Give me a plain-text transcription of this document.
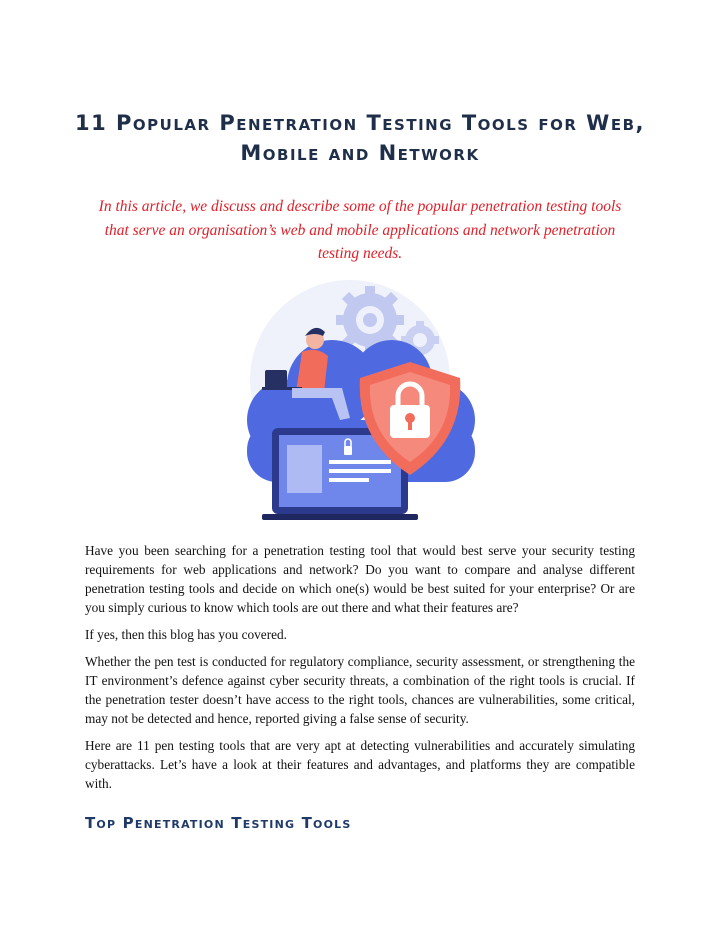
11 Popular Penetration Testing Tools for Web, Mobile and Network

In this article, we discuss and describe some of the popular penetration testing tools that serve an organisation’s web and mobile applications and network penetration testing needs.

Have you been searching for a penetration testing tool that would best serve your security testing requirements for web applications and network? Do you want to compare and analyse different penetration testing tools and decide on which one(s) would be best suited for your enterprise? Or are you simply curious to know which tools are out there and what their features are?

If yes, then this blog has you covered.

Whether the pen test is conducted for regulatory compliance, security assessment, or strengthening the IT environment’s defence against cyber security threats, a combination of the right tools is crucial. If the penetration tester doesn’t have access to the right tools, chances are vulnerabilities, some critical, may not be detected and hence, reported giving a false sense of security.

Here are 11 pen testing tools that are very apt at detecting vulnerabilities and accurately simulating cyberattacks. Let’s have a look at their features and advantages, and platforms they are compatible with.

Top Penetration Testing Tools
